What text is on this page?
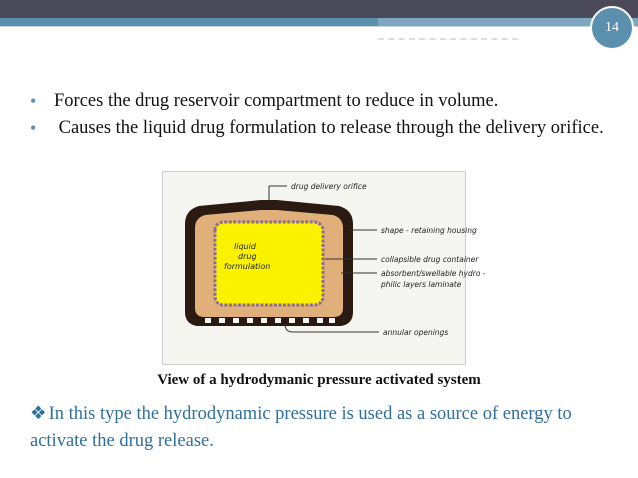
14
• Forces the drug reservoir compartment to reduce in volume.
• Causes the liquid drug formulation to release through the delivery orifice.
liquid
drug
formulation
drug delivery orifice
shape - retaining housing
collapsible drug container
absorbent/swellable hydro -
philic layers laminate
annular openings
View of a hydrodymanic pressure activated system

❖ In this type the hydrodynamic pressure is used as a source of energy to activate the drug release.
